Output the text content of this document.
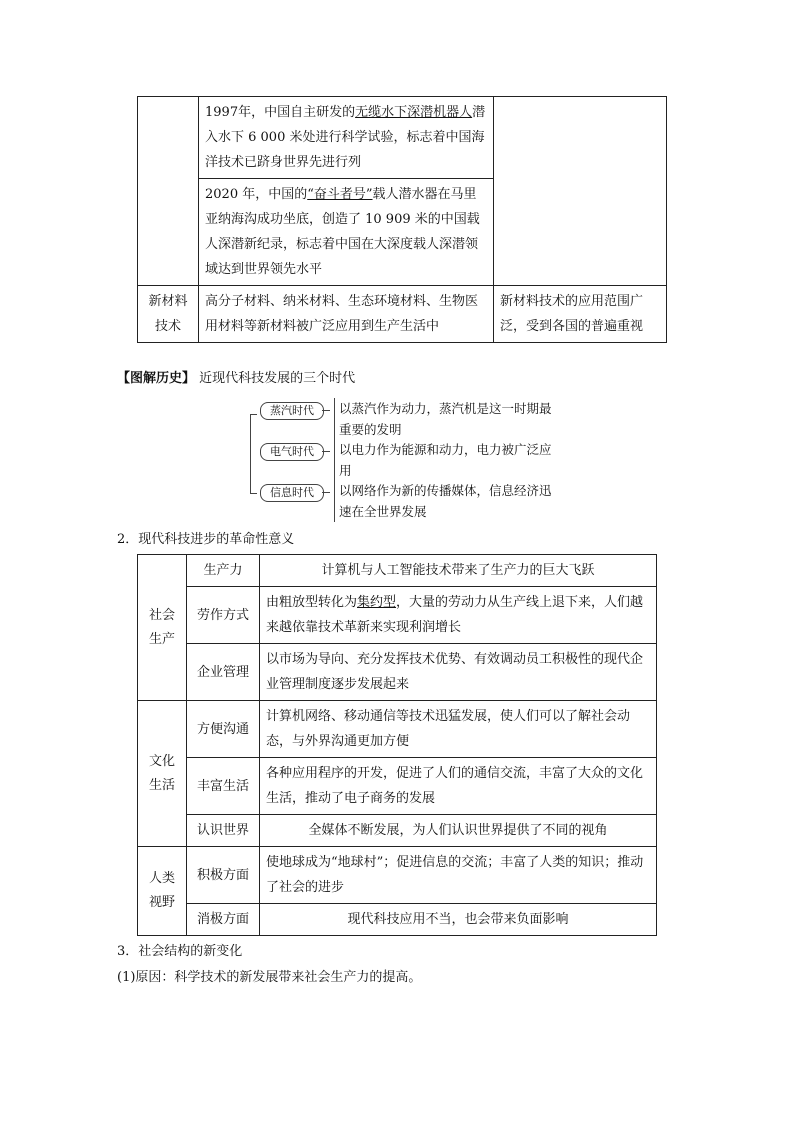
	1997年，中国自主研发的无缆水下深潜机器人潜入水下 6 000 米处进行科学试验，标志着中国海洋技术已跻身世界先进行列	
	2020 年，中国的“奋斗者号”载人潜水器在马里亚纳海沟成功坐底，创造了 10 909 米的中国载人深潜新纪录，标志着中国在大深度载人深潜领域达到世界领先水平	
新材料技术	高分子材料、纳米材料、生态环境材料、生物医用材料等新材料被广泛应用到生产生活中	新材料技术的应用范围广泛，受到各国的普遍重视
【图解历史】 近现代科技发展的三个时代
蒸汽时代	以蒸汽作为动力，蒸汽机是这一时期最重要的发明
电气时代	以电力作为能源和动力，电力被广泛应用
信息时代	以网络作为新的传播媒体，信息经济迅速在全世界发展
2．现代科技进步的革命性意义
社会生产	生产力	计算机与人工智能技术带来了生产力的巨大飞跃
	劳作方式	由粗放型转化为集约型，大量的劳动力从生产线上退下来，人们越来越依靠技术革新来实现利润增长
	企业管理	以市场为导向、充分发挥技术优势、有效调动员工积极性的现代企业管理制度逐步发展起来
文化生活	方便沟通	计算机网络、移动通信等技术迅猛发展，使人们可以了解社会动态，与外界沟通更加方便
	丰富生活	各种应用程序的开发，促进了人们的通信交流，丰富了大众的文化生活，推动了电子商务的发展
	认识世界	全媒体不断发展，为人们认识世界提供了不同的视角
人类视野	积极方面	使地球成为“地球村”；促进信息的交流；丰富了人类的知识；推动了社会的进步
	消极方面	现代科技应用不当，也会带来负面影响
3．社会结构的新变化
(1)原因：科学技术的新发展带来社会生产力的提高。
